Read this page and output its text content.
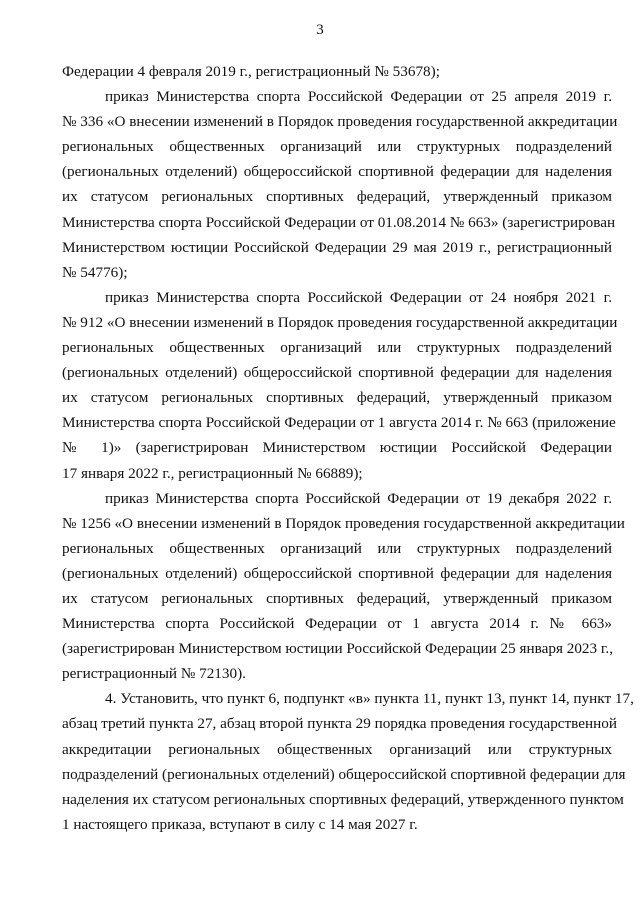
3
Федерации 4 февраля 2019 г., регистрационный № 53678);
приказ Министерства спорта Российской Федерации от 25 апреля 2019 г.
№ 336 «О внесении изменений в Порядок проведения государственной аккредитации
региональных общественных организаций или структурных подразделений
(региональных отделений) общероссийской спортивной федерации для наделения
их статусом региональных спортивных федераций, утвержденный приказом
Министерства спорта Российской Федерации от 01.08.2014 № 663» (зарегистрирован
Министерством юстиции Российской Федерации 29 мая 2019 г., регистрационный
№ 54776);
приказ Министерства спорта Российской Федерации от 24 ноября 2021 г.
№ 912 «О внесении изменений в Порядок проведения государственной аккредитации
региональных общественных организаций или структурных подразделений
(региональных отделений) общероссийской спортивной федерации для наделения
их статусом региональных спортивных федераций, утвержденный приказом
Министерства спорта Российской Федерации от 1 августа 2014 г. № 663 (приложение
№ 1)» (зарегистрирован Министерством юстиции Российской Федерации
17 января 2022 г., регистрационный № 66889);
приказ Министерства спорта Российской Федерации от 19 декабря 2022 г.
№ 1256 «О внесении изменений в Порядок проведения государственной аккредитации
региональных общественных организаций или структурных подразделений
(региональных отделений) общероссийской спортивной федерации для наделения
их статусом региональных спортивных федераций, утвержденный приказом
Министерства спорта Российской Федерации от 1 августа 2014 г. № 663»
(зарегистрирован Министерством юстиции Российской Федерации 25 января 2023 г.,
регистрационный № 72130).
4. Установить, что пункт 6, подпункт «в» пункта 11, пункт 13, пункт 14, пункт 17,
абзац третий пункта 27, абзац второй пункта 29 порядка проведения государственной
аккредитации региональных общественных организаций или структурных
подразделений (региональных отделений) общероссийской спортивной федерации для
наделения их статусом региональных спортивных федераций, утвержденного пунктом
1 настоящего приказа, вступают в силу с 14 мая 2027 г.
